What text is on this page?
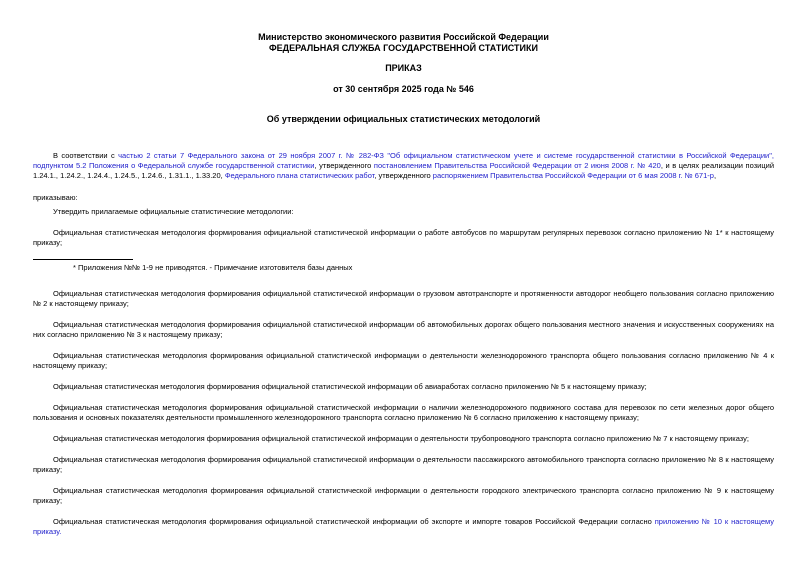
Министерство экономического развития Российской Федерации
ФЕДЕРАЛЬНАЯ СЛУЖБА ГОСУДАРСТВЕННОЙ СТАТИСТИКИ
ПРИКАЗ
от 30 сентября 2025 года № 546
Об утверждении официальных статистических методологий

В соответствии с частью 2 статьи 7 Федерального закона от 29 ноября 2007 г. № 282-ФЗ "Об официальном статистическом учете и системе государственной статистики в Российской Федерации", подпунктом 5.2 Положения о Федеральной службе государственной статистики, утвержденного постановлением Правительства Российской Федерации от 2 июня 2008 г. № 420, и в целях реализации позиций 1.24.1., 1.24.2., 1.24.4., 1.24.5., 1.24.6., 1.31.1., 1.33.20, Федерального плана статистических работ, утвержденного распоряжением Правительства Российской Федерации от 6 мая 2008 г. № 671-р,

приказываю:

Утвердить прилагаемые официальные статистические методологии:

Официальная статистическая методология формирования официальной статистической информации о работе автобусов по маршрутам регулярных перевозок согласно приложению № 1* к настоящему приказу;

* Приложения №№ 1-9 не приводятся. - Примечание изготовителя базы данных

Официальная статистическая методология формирования официальной статистической информации о грузовом автотранспорте и протяженности автодорог необщего пользования согласно приложению № 2 к настоящему приказу;

Официальная статистическая методология формирования официальной статистической информации об автомобильных дорогах общего пользования местного значения и искусственных сооружениях на них согласно приложению № 3 к настоящему приказу;

Официальная статистическая методология формирования официальной статистической информации о деятельности железнодорожного транспорта общего пользования согласно приложению № 4 к настоящему приказу;

Официальная статистическая методология формирования официальной статистической информации об авиаработах согласно приложению № 5 к настоящему приказу;

Официальная статистическая методология формирования официальной статистической информации о наличии железнодорожного подвижного состава для перевозок по сети железных дорог общего пользования и основных показателях деятельности промышленного железнодорожного транспорта согласно приложению № 6 согласно приложению к настоящему приказу;

Официальная статистическая методология формирования официальной статистической информации о деятельности трубопроводного транспорта согласно приложению № 7 к настоящему приказу;

Официальная статистическая методология формирования официальной статистической информации о деятельности пассажирского автомобильного транспорта согласно приложению № 8 к настоящему приказу;

Официальная статистическая методология формирования официальной статистической информации о деятельности городского электрического транспорта согласно приложению № 9 к настоящему приказу;

Официальная статистическая методология формирования официальной статистической информации об экспорте и импорте товаров Российской Федерации согласно приложению № 10 к настоящему приказу.
